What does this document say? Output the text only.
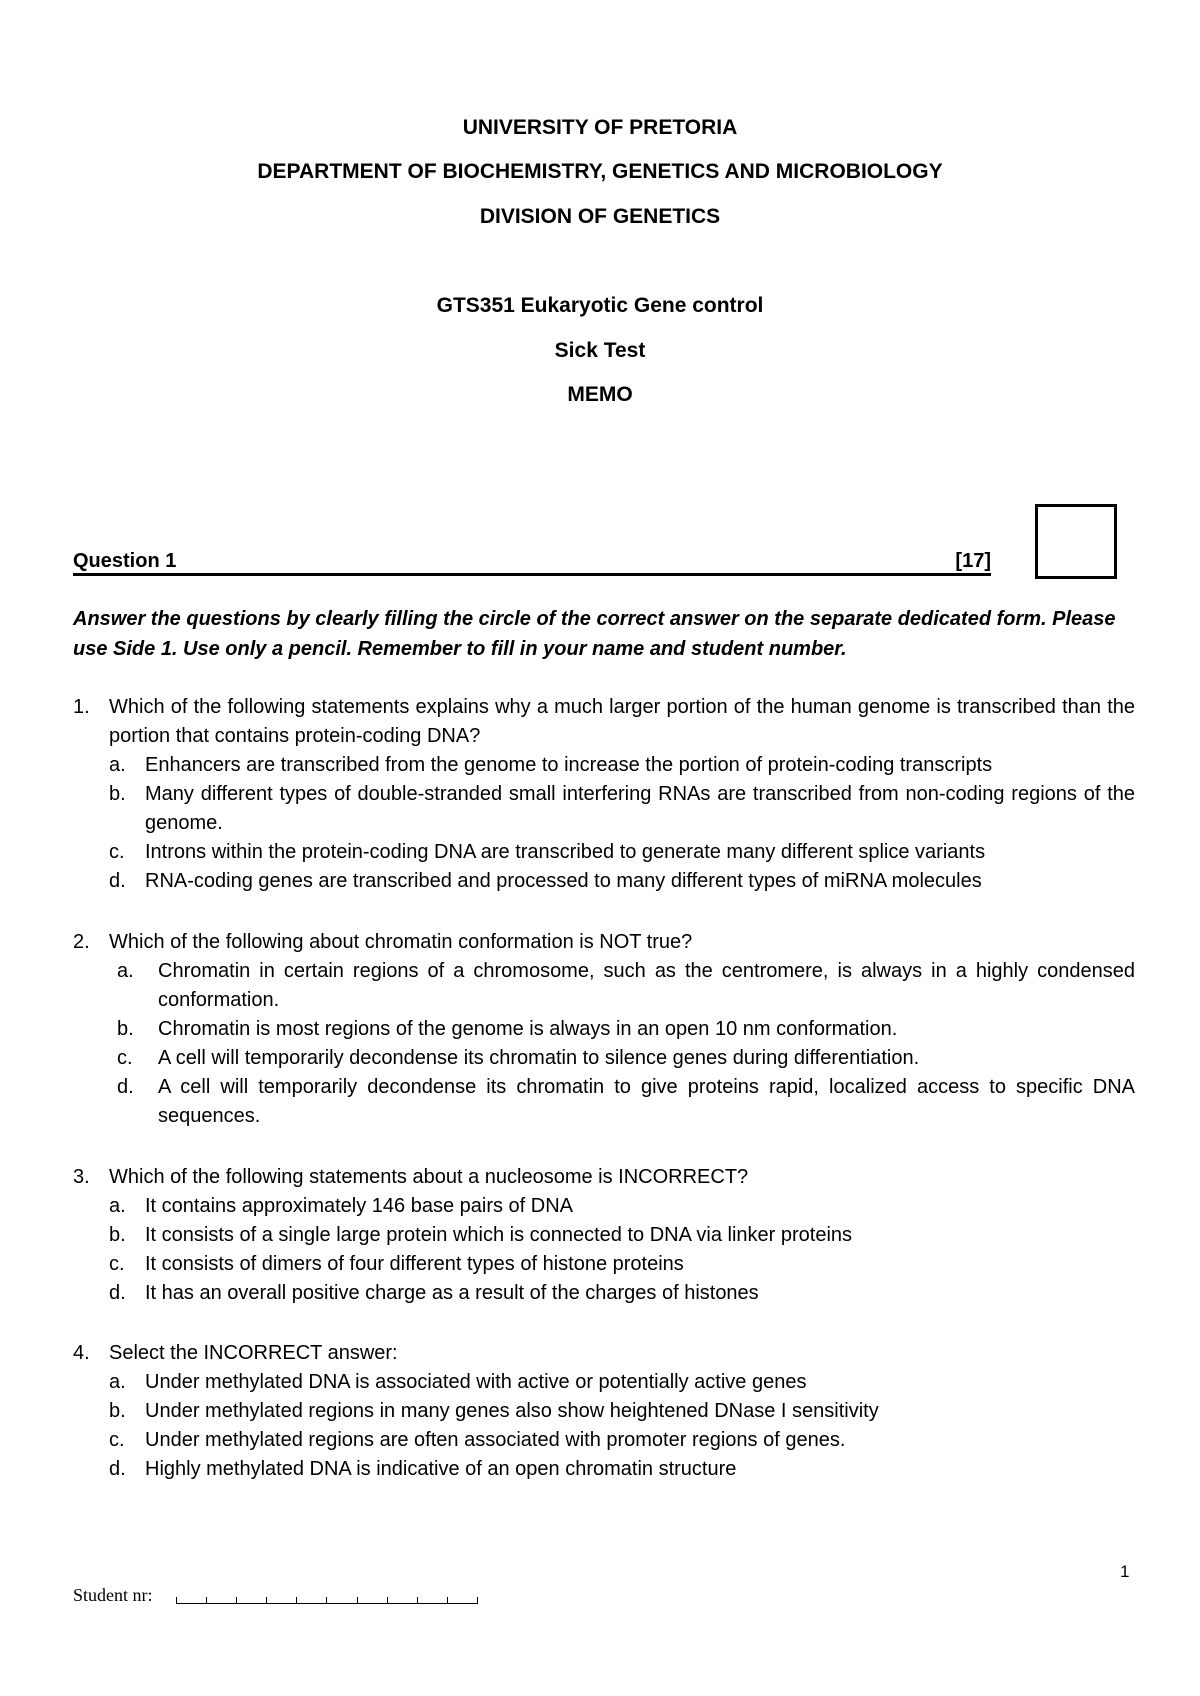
UNIVERSITY OF PRETORIA
DEPARTMENT OF BIOCHEMISTRY, GENETICS AND MICROBIOLOGY
DIVISION OF GENETICS
GTS351 Eukaryotic Gene control
Sick Test
MEMO
Question 1	[17]
Answer the questions by clearly filling the circle of the correct answer on the separate dedicated form. Please use Side 1. Use only a pencil. Remember to fill in your name and student number.
1. Which of the following statements explains why a much larger portion of the human genome is transcribed than the portion that contains protein-coding DNA?
a. Enhancers are transcribed from the genome to increase the portion of protein-coding transcripts
b. Many different types of double-stranded small interfering RNAs are transcribed from non-coding regions of the genome.
c. Introns within the protein-coding DNA are transcribed to generate many different splice variants
d. RNA-coding genes are transcribed and processed to many different types of miRNA molecules
2. Which of the following about chromatin conformation is NOT true?
a. Chromatin in certain regions of a chromosome, such as the centromere, is always in a highly condensed conformation.
b. Chromatin is most regions of the genome is always in an open 10 nm conformation.
c. A cell will temporarily decondense its chromatin to silence genes during differentiation.
d. A cell will temporarily decondense its chromatin to give proteins rapid, localized access to specific DNA sequences.
3. Which of the following statements about a nucleosome is INCORRECT?
a. It contains approximately 146 base pairs of DNA
b. It consists of a single large protein which is connected to DNA via linker proteins
c. It consists of dimers of four different types of histone proteins
d. It has an overall positive charge as a result of the charges of histones
4. Select the INCORRECT answer:
a. Under methylated DNA is associated with active or potentially active genes
b. Under methylated regions in many genes also show heightened DNase I sensitivity
c. Under methylated regions are often associated with promoter regions of genes.
d. Highly methylated DNA is indicative of an open chromatin structure
1
Student nr:
